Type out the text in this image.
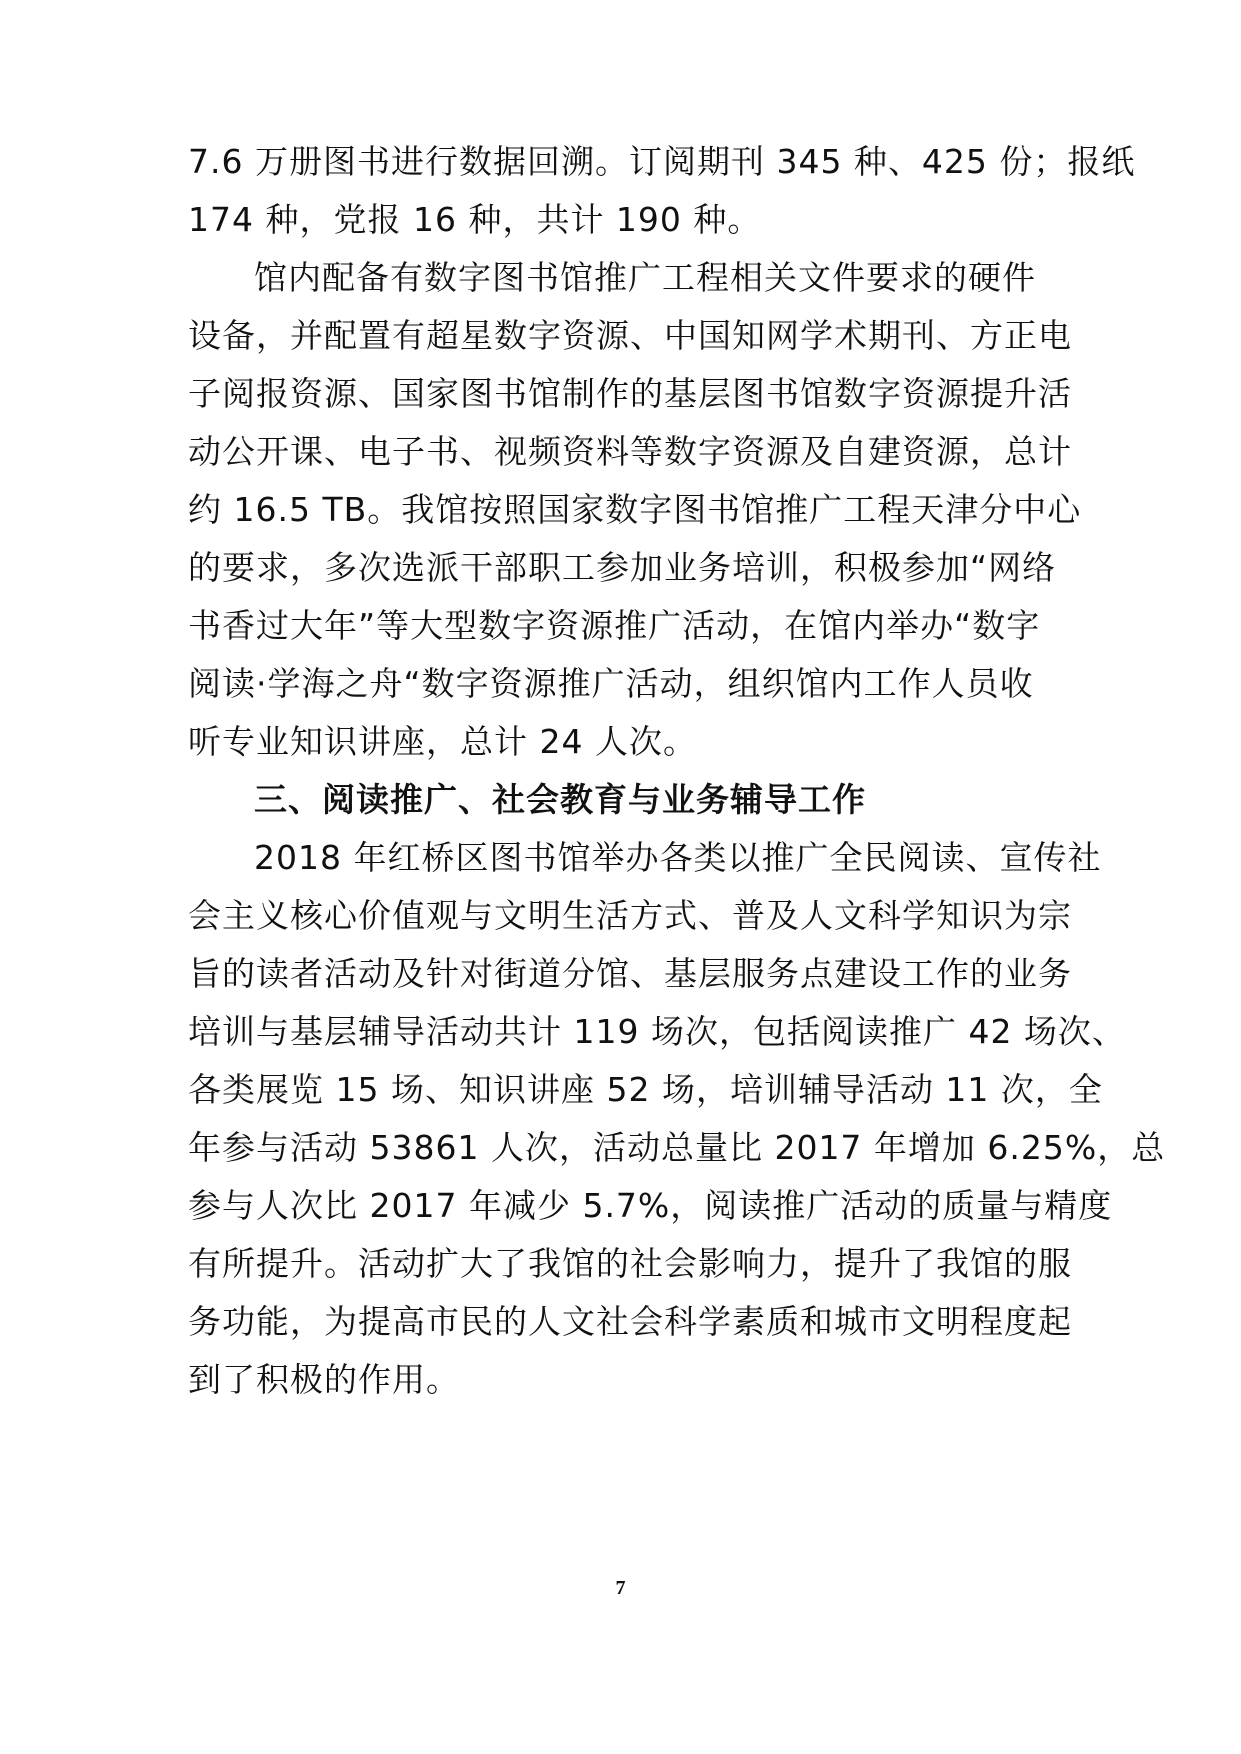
7.6 万册图书进行数据回溯。订阅期刊 345 种、425 份；报纸
174 种，党报 16 种，共计 190 种。
馆内配备有数字图书馆推广工程相关文件要求的硬件
设备，并配置有超星数字资源、中国知网学术期刊、方正电
子阅报资源、国家图书馆制作的基层图书馆数字资源提升活
动公开课、电子书、视频资料等数字资源及自建资源，总计
约 16.5 TB。我馆按照国家数字图书馆推广工程天津分中心
的要求，多次选派干部职工参加业务培训，积极参加“网络
书香过大年”等大型数字资源推广活动，在馆内举办“数字
阅读·学海之舟“数字资源推广活动，组织馆内工作人员收
听专业知识讲座，总计 24 人次。
三、阅读推广、社会教育与业务辅导工作
2018 年红桥区图书馆举办各类以推广全民阅读、宣传社
会主义核心价值观与文明生活方式、普及人文科学知识为宗
旨的读者活动及针对街道分馆、基层服务点建设工作的业务
培训与基层辅导活动共计 119 场次，包括阅读推广 42 场次、
各类展览 15 场、知识讲座 52 场，培训辅导活动 11 次，全
年参与活动 53861 人次，活动总量比 2017 年增加 6.25%，总
参与人次比 2017 年减少 5.7%，阅读推广活动的质量与精度
有所提升。活动扩大了我馆的社会影响力，提升了我馆的服
务功能，为提高市民的人文社会科学素质和城市文明程度起
到了积极的作用。
7
